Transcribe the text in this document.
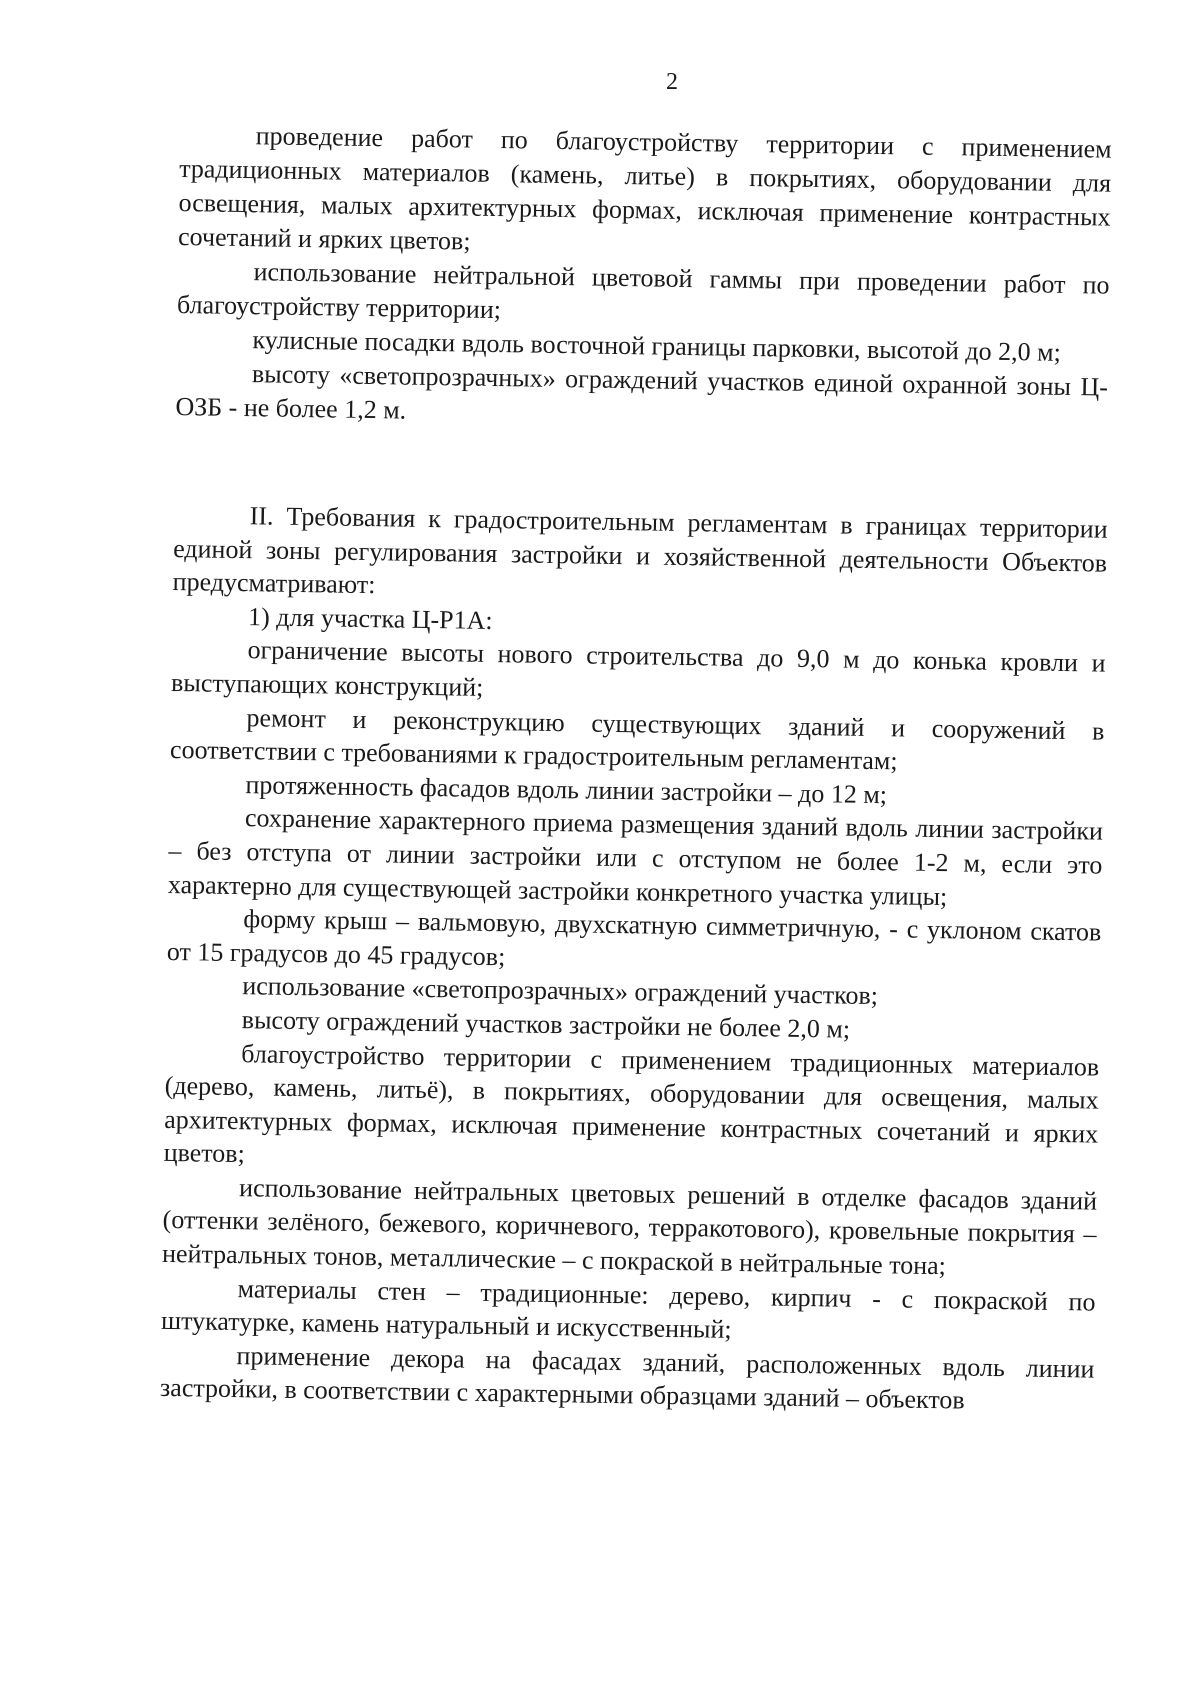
2

проведение работ по благоустройству территории с применением традиционных материалов (камень, литье) в покрытиях, оборудовании для освещения, малых архитектурных формах, исключая применение контрастных сочетаний и ярких цветов;

использование нейтральной цветовой гаммы при проведении работ по благоустройству территории;

кулисные посадки вдоль восточной границы парковки, высотой до 2,0 м;

высоту «светопрозрачных» ограждений участков единой охранной зоны Ц-ОЗБ - не более 1,2 м.

II. Требования к градостроительным регламентам в границах территории единой зоны регулирования застройки и хозяйственной деятельности Объектов предусматривают:

1) для участка Ц-Р1А:

ограничение высоты нового строительства до 9,0 м до конька кровли и выступающих конструкций;

ремонт и реконструкцию существующих зданий и сооружений в соответствии с требованиями к градостроительным регламентам;

протяженность фасадов вдоль линии застройки – до 12 м;

сохранение характерного приема размещения зданий вдоль линии застройки – без отступа от линии застройки или с отступом не более 1-2 м, если это характерно для существующей застройки конкретного участка улицы;

форму крыш – вальмовую, двухскатную симметричную, - с уклоном скатов от 15 градусов до 45 градусов;

использование «светопрозрачных» ограждений участков;

высоту ограждений участков застройки не более 2,0 м;

благоустройство территории с применением традиционных материалов (дерево, камень, литьё), в покрытиях, оборудовании для освещения, малых архитектурных формах, исключая применение контрастных сочетаний и ярких цветов;

использование нейтральных цветовых решений в отделке фасадов зданий (оттенки зелёного, бежевого, коричневого, терракотового), кровельные покрытия – нейтральных тонов, металлические – с покраской в нейтральные тона;

материалы стен – традиционные: дерево, кирпич - с покраской по штукатурке, камень натуральный и искусственный;

применение декора на фасадах зданий, расположенных вдоль линии застройки, в соответствии с характерными образцами зданий – объектов
